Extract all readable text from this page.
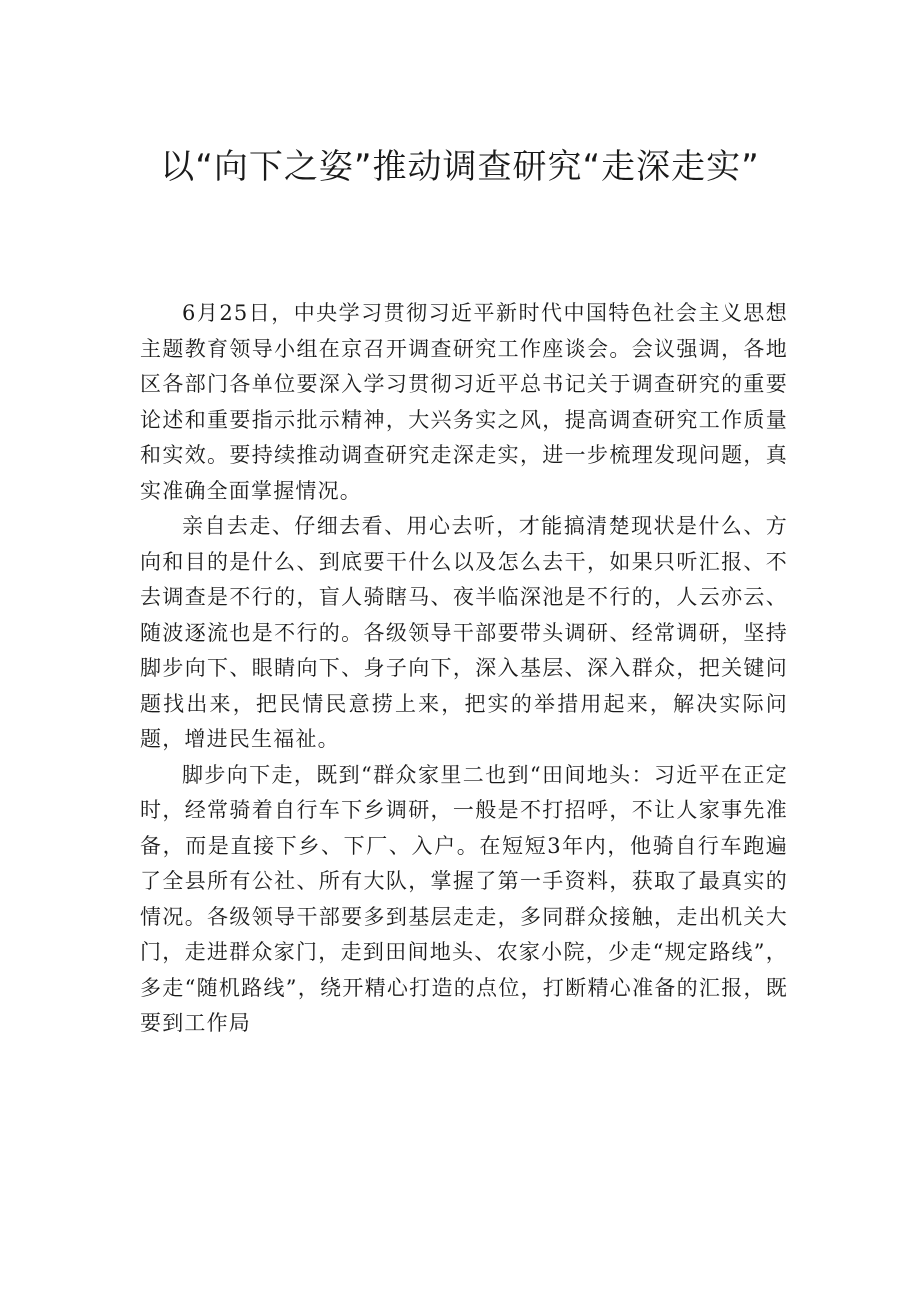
以“向下之姿”推动调查研究“走深走实”

6月25日，中央学习贯彻习近平新时代中国特色社会主义思想主题教育领导小组在京召开调查研究工作座谈会。会议强调，各地区各部门各单位要深入学习贯彻习近平总书记关于调查研究的重要论述和重要指示批示精神，大兴务实之风，提高调查研究工作质量和实效。要持续推动调查研究走深走实，进一步梳理发现问题，真实准确全面掌握情况。

亲自去走、仔细去看、用心去听，才能搞清楚现状是什么、方向和目的是什么、到底要干什么以及怎么去干，如果只听汇报、不去调查是不行的，盲人骑瞎马、夜半临深池是不行的，人云亦云、随波逐流也是不行的。各级领导干部要带头调研、经常调研，坚持脚步向下、眼睛向下、身子向下，深入基层、深入群众，把关键问题找出来，把民情民意捞上来，把实的举措用起来，解决实际问题，增进民生福祉。

脚步向下走，既到“群众家里二也到“田间地头：习近平在正定时，经常骑着自行车下乡调研，一般是不打招呼，不让人家事先准备，而是直接下乡、下厂、入户。在短短3年内，他骑自行车跑遍了全县所有公社、所有大队，掌握了第一手资料，获取了最真实的情况。各级领导干部要多到基层走走，多同群众接触，走出机关大门，走进群众家门，走到田间地头、农家小院，少走“规定路线”，多走“随机路线”，绕开精心打造的点位，打断精心准备的汇报，既要到工作局
